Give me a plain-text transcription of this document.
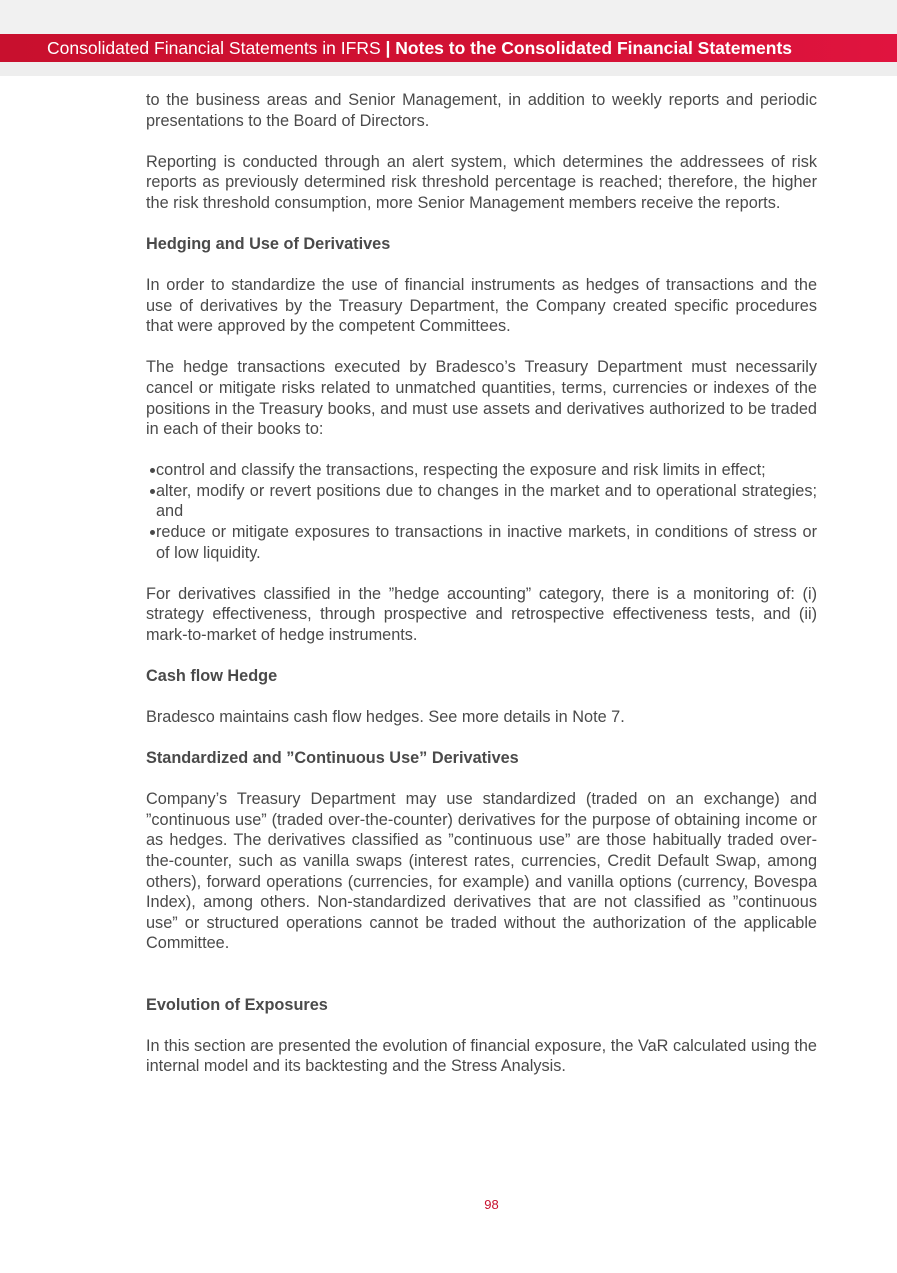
Consolidated Financial Statements in IFRS | Notes to the Consolidated Financial Statements

to the business areas and Senior Management, in addition to weekly reports and periodic presentations to the Board of Directors.

Reporting is conducted through an alert system, which determines the addressees of risk reports as previously determined risk threshold percentage is reached; therefore, the higher the risk threshold consumption, more Senior Management members receive the reports.

Hedging and Use of Derivatives

In order to standardize the use of financial instruments as hedges of transactions and the use of derivatives by the Treasury Department, the Company created specific procedures that were approved by the competent Committees.

The hedge transactions executed by Bradesco’s Treasury Department must necessarily cancel or mitigate risks related to unmatched quantities, terms, currencies or indexes of the positions in the Treasury books, and must use assets and derivatives authorized to be traded in each of their books to:

control and classify the transactions, respecting the exposure and risk limits in effect;
alter, modify or revert positions due to changes in the market and to operational strategies; and
reduce or mitigate exposures to transactions in inactive markets, in conditions of stress or of low liquidity.

For derivatives classified in the ”hedge accounting” category, there is a monitoring of: (i) strategy effectiveness, through prospective and retrospective effectiveness tests, and (ii) mark-to-market of hedge instruments.

Cash flow Hedge

Bradesco maintains cash flow hedges. See more details in Note 7.

Standardized and ”Continuous Use” Derivatives

Company’s Treasury Department may use standardized (traded on an exchange) and ”continuous use” (traded over-the-counter) derivatives for the purpose of obtaining income or as hedges. The derivatives classified as ”continuous use” are those habitually traded over-the-counter, such as vanilla swaps (interest rates, currencies, Credit Default Swap, among others), forward operations (currencies, for example) and vanilla options (currency, Bovespa Index), among others. Non-standardized derivatives that are not classified as ”continuous use” or structured operations cannot be traded without the authorization of the applicable Committee.

Evolution of Exposures

In this section are presented the evolution of financial exposure, the VaR calculated using the internal model and its backtesting and the Stress Analysis.

98
